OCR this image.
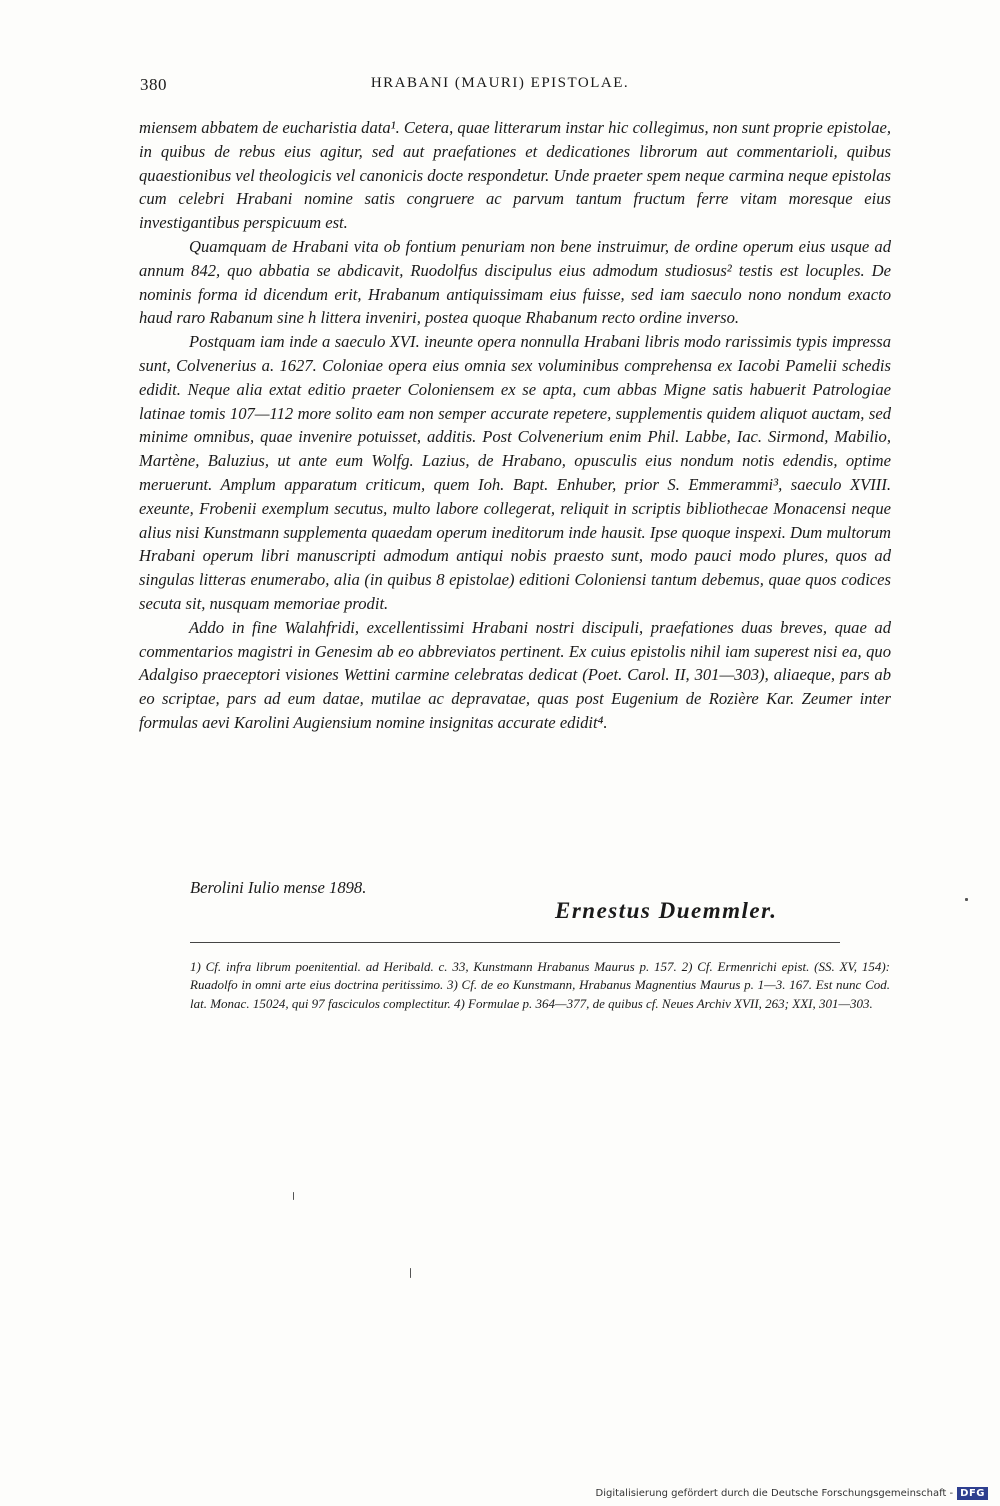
380	HRABANI (MAURI) EPISTOLAE.

miensem abbatem de eucharistia data¹. Cetera, quae litterarum instar hic collegimus, non sunt proprie epistolae, in quibus de rebus eius agitur, sed aut praefationes et dedicationes librorum aut commentarioli, quibus quaestionibus vel theologicis vel canonicis docte respondetur. Unde praeter spem neque carmina neque epistolas cum celebri Hrabani nomine satis congruere ac parvum tantum fructum ferre vitam moresque eius investigantibus perspicuum est.

Quamquam de Hrabani vita ob fontium penuriam non bene instruimur, de ordine operum eius usque ad annum 842, quo abbatia se abdicavit, Ruodolfus discipulus eius admodum studiosus² testis est locuples. De nominis forma id dicendum erit, Hrabanum antiquissimam eius fuisse, sed iam saeculo nono nondum exacto haud raro Rabanum sine h littera inveniri, postea quoque Rhabanum recto ordine inverso.

Postquam iam inde a saeculo XVI. ineunte opera nonnulla Hrabani libris modo rarissimis typis impressa sunt, Colvenerius a. 1627. Coloniae opera eius omnia sex voluminibus comprehensa ex Iacobi Pamelii schedis edidit. Neque alia extat editio praeter Coloniensem ex se apta, cum abbas Migne satis habuerit Patrologiae latinae tomis 107—112 more solito eam non semper accurate repetere, supplementis quidem aliquot auctam, sed minime omnibus, quae invenire potuisset, additis. Post Colvenerium enim Phil. Labbe, Iac. Sirmond, Mabilio, Martène, Baluzius, ut ante eum Wolfg. Lazius, de Hrabano, opusculis eius nondum notis edendis, optime meruerunt. Amplum apparatum criticum, quem Ioh. Bapt. Enhuber, prior S. Emmerammi³, saeculo XVIII. exeunte, Frobenii exemplum secutus, multo labore collegerat, reliquit in scriptis bibliothecae Monacensi neque alius nisi Kunstmann supplementa quaedam operum ineditorum inde hausit. Ipse quoque inspexi. Dum multorum Hrabani operum libri manuscripti admodum antiqui nobis praesto sunt, modo pauci modo plures, quos ad singulas litteras enumerabo, alia (in quibus 8 epistolae) editioni Coloniensi tantum debemus, quae quos codices secuta sit, nusquam memoriae prodit.

Addo in fine Walahfridi, excellentissimi Hrabani nostri discipuli, praefationes duas breves, quae ad commentarios magistri in Genesim ab eo abbreviatos pertinent. Ex cuius epistolis nihil iam superest nisi ea, quo Adalgiso praeceptori visiones Wettini carmine celebratas dedicat (Poet. Carol. II, 301—303), aliaeque, pars ab eo scriptae, pars ad eum datae, mutilae ac depravatae, quas post Eugenium de Rozière Kar. Zeumer inter formulas aevi Karolini Augiensium nomine insignitas accurate edidit⁴.

Berolini Iulio mense 1898.
Ernestus Duemmler.

1) Cf. infra librum poenitential. ad Heribald. c. 33, Kunstmann Hrabanus Maurus p. 157. 2) Cf. Ermenrichi epist. (SS. XV, 154): Ruadolfo in omni arte eius doctrina peritissimo. 3) Cf. de eo Kunstmann, Hrabanus Magnentius Maurus p. 1—3. 167. Est nunc Cod. lat. Monac. 15024, qui 97 fasciculos complectitur. 4) Formulae p. 364—377, de quibus cf. Neues Archiv XVII, 263; XXI, 301—303.

Digitalisierung gefördert durch die Deutsche Forschungsgemeinschaft - DFG
